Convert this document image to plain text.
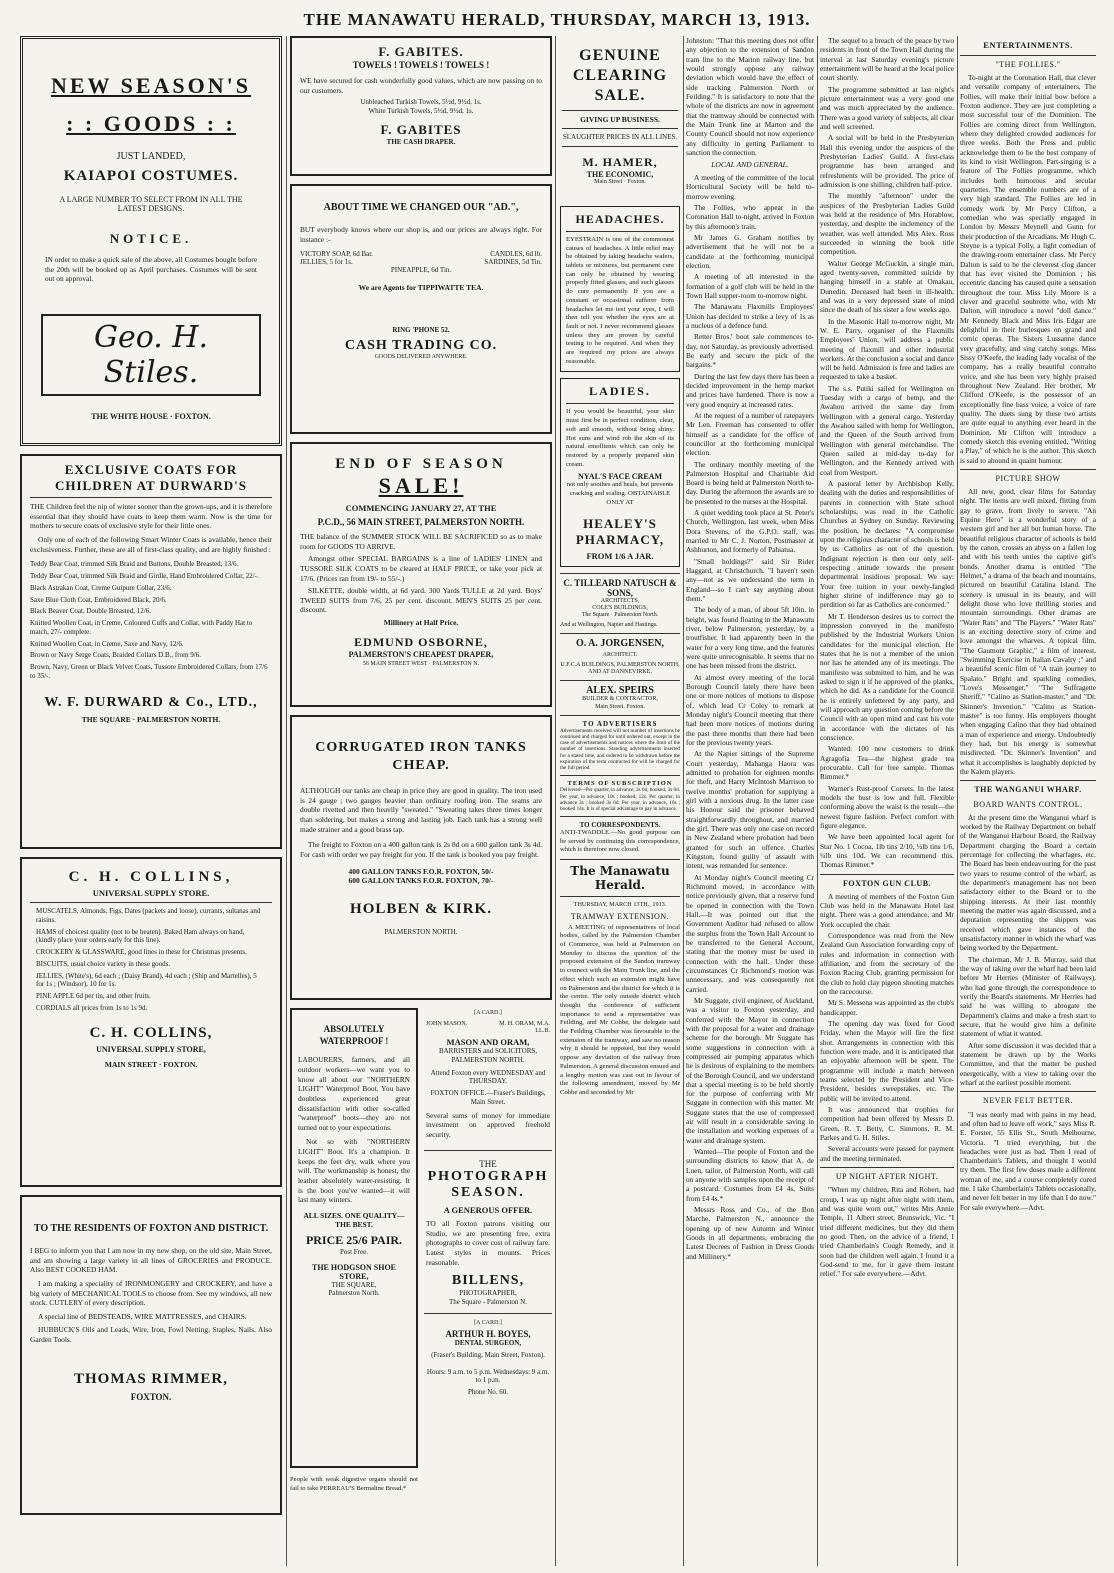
THE MANAWATU HERALD, THURSDAY, MARCH 13, 1913.
NEW SEASON'S
: : GOODS : :
JUST LANDED,
KAIAPOI COSTUMES.
A LARGE NUMBER TO SELECT FROM IN ALL THE LATEST DESIGNS.
NOTICE.
IN order to make a quick sale of the above, all Costumes bought before the 20th will be booked up as April purchases. Costumes will be sent out on approval.
Geo. H. Stiles.
THE WHITE HOUSE · FOXTON.
EXCLUSIVE COATS FOR CHILDREN AT DURWARD'S
THE Children feel the nip of winter sooner than the grown-ups, and it is therefore essential that they should have coats to keep them warm. Now is the time for mothers to secure coats of exclusive style for their little ones.
Only one of each of the following Smart Winter Coats is available, hence their exclusiveness. Further, these are all of first-class quality, and are highly finished :
Teddy Bear Coat, trimmed Silk Braid and Buttons, Double Breasted, 13/6.
Teddy Bear Coat, trimmed Silk Braid and Girdle, Hand Embroidered Collar, 22/-.
Black Astrakan Coat, Creme Guipure Collar, 23/6.
Saxe Blue Cloth Coat, Embroidered Black, 20/6.
Black Beaver Coat, Double Breasted, 12/6.
Knitted Woollen Coat, in Creme, Coloured Cuffs and Collar, with Paddy Hat to match, 27/- complete.
Knitted Woollen Coat, in Creme, Saxe and Navy, 12/6.
Brown or Navy Serge Coats, Braided Collars D.B., from 9/6.
Brown, Navy, Green or Black Velvet Coats, Tussore Embroidered Collars, from 17/6 to 35/-.
W. F. DURWARD & Co., LTD.,
THE SQUARE · PALMERSTON NORTH.
C. H. COLLINS,
UNIVERSAL SUPPLY STORE.
MUSCATELS, Almonds, Figs, Dates (packets and loose), currants, sultanas and raisins.
HAMS of choicest quality (not to be beaten). Baked Ham always on hand, (kindly place your orders early for this line).
CROCKERY & GLASSWARE, good lines in these for Christmas presents.
BISCUITS, usual choice variety in these goods.
JELLIES, (White's), 6d each ; (Daisy Brand), 4d each ; (Ship and Martelles), 5 for 1s ; (Windsor), 10 for 1s.
PINE APPLE 6d per tin, and other fruits.
CORDIALS all prices from 1s to 1s 9d.
C. H. COLLINS,
UNIVERSAL SUPPLY STORE,
MAIN STREET · FOXTON.
TO THE RESIDENTS OF FOXTON AND DISTRICT.
I BEG to inform you that I am now in my new shop, on the old site, Main Street, and am showing a large variety in all lines of GROCERIES and PRODUCE. Also BEST COOKED HAM.
I am making a speciality of IRONMONGERY and CROCKERY, and have a big variety of MECHANICAL TOOLS to choose from. See my windows, all new stock. CUTLERY of every description.
A special line of BEDSTEADS, WIRE MATTRESSES, and CHAIRS.
HUBBUCK'S Oils and Leads, Wire, Iron, Fowl Netting, Staples, Nails. Also Garden Tools.
THOMAS RIMMER,
FOXTON.
F. GABITES.
TOWELS ! TOWELS ! TOWELS !
WE have secured for cash wonderfully good values, which are now passing on to our customers.
Unbleached Turkish Towels, 5½d, 9½d, 1s.
White Turkish Towels, 5½d, 9½d, 1s.
F. GABITES
THE CASH DRAPER.
ABOUT TIME WE CHANGED OUR "AD.",
BUT everybody knows where our shop is, and our prices are always right. For instance :-
VICTORY SOAP, 6d Bar.
JELLIES, 5 for 1s.
CANDLES, 6d lb.
SARDINES, 5d Tin.
PINEAPPLE, 6d Tin.
We are Agents for TIPPIWATTE TEA.
RING 'PHONE 52.
CASH TRADING CO.
GOODS DELIVERED ANYWHERE.
END OF SEASON
SALE!
COMMENCING JANUARY 27, AT THE
P.C.D., 56 MAIN STREET, PALMERSTON NORTH.
THE balance of the SUMMER STOCK WILL BE SACRIFICED so as to make room for GOODS TO ARRIVE.
Amongst other SPECIAL BARGAINS is a line of LADIES' LINEN and TUSSORE SILK COATS to be cleared at HALF PRICE, or take your pick at 17/6. (Prices ran from 19/- to 55/-.)
SILKETTE, double width, at 6d yard. 300 Yards TULLE at 2d yard. Boys' TWEED SUITS from 7/6, 25 per cent. discount. MEN'S SUITS 25 per cent. discount.
Millinery at Half Price.
EDMUND OSBORNE,
PALMERSTON'S CHEAPEST DRAPER,
56 MAIN STREET WEST · PALMERSTON N.
CORRUGATED IRON TANKS CHEAP.
ALTHOUGH our tanks are cheap in price they are good in quality. The iron used is 24 gauge ; two gauges heavier than ordinary roofing iron. The seams are double rivetted and then heavily "sweated." "Sweating takes three times longer than soldering, but makes a strong and lasting job. Each tank has a strong well made strainer and a good brass tap.
The freight to Foxton on a 400 gallon tank is 2s 8d on a 600 gallon tank 3s 4d. For cash with order we pay freight for you. If the tank is booked you pay freight.
400 GALLON TANKS F.O.R. FOXTON, 50/-
600 GALLON TANKS F.O.R. FOXTON, 70/-
HOLBEN & KIRK.
PALMERSTON NORTH.
ABSOLUTELY WATERPROOF !
LABOURERS, farmers, and all outdoor workers—we want you to know all about our "NORTHERN LIGHT" Waterproof Boot. You have doubtless experienced great dissatisfaction with other so-called "waterproof" boots—they are not turned out to your expectations.
Not so with "NORTHERN LIGHT" Boot. It's a champion. It keeps the feet dry, walk where you will. The workmanship is honest, the leather absolutely water-resisting. It is the boot you've wanted—it will last many winters.
ALL SIZES. ONE QUALITY—THE BEST.
PRICE 25/6 PAIR.
Post Free.
THE HODGSON SHOE STORE,
THE SQUARE,
Palmerston North.
People with weak digestive organs should not fail to take PERREAU'S Bermaline Bread.*
[A CARD.]
JOHN MASON.	M. H. ORAM, M.A. LL.B.
MASON AND ORAM,
BARRISTERS and SOLICITORS, PALMERSTON NORTH.
Attend Foxton every WEDNESDAY and THURSDAY.
FOXTON OFFICE.—Fraser's Buildings, Main Street.
Several sums of money for immediate investment on approved freehold security.
THE
PHOTOGRAPH SEASON.
A GENEROUS OFFER.
TO all Foxton patrons visiting our Studio, we are presenting free, extra photographs to cover cost of railway fare. Latest styles in mounts. Prices reasonable.
BILLENS,
PHOTOGRAPHER,
The Square - Palmerston N.
[A CARD.]
ARTHUR H. BOYES,
DENTAL SURGEON,
(Fraser's Building, Main Street, Foxton).
Hours: 9 a.m. to 5 p.m. Wednesdays: 9 a.m. to 1 p.m.
Phone No. 60.
GENUINE CLEARING SALE.
GIVING UP BUSINESS.
SLAUGHTER PRICES IN ALL LINES.
M. HAMER,
THE ECONOMIC,
Main Street · Foxton.
HEADACHES.
EYESTRAIN is one of the commonest causes of headaches. A little relief may be obtained by taking headache wafers, tablets or mixtures, but permanent cure can only be obtained by wearing properly fitted glasses, and such glasses do cure permanently. If you are a constant or occasional sufferer from headaches let me test your eyes, I will then tell you whether the eyes are at fault or not. I never recommend glasses unless they are proven by careful testing to be required. And when they are required my prices are always reasonable.
LADIES.
If you would be beautiful, your skin must first be in perfect condition, clear, soft and smooth, without being shiny. Hot suns and wind rob the skin of its natural emollients which can only be restored by a properly prepared skin cream.
NYAL'S FACE CREAM
not only soothes and heals, but prevents cracking and scaling. OBTAINABLE ONLY AT
HEALEY'S PHARMACY,
FROM 1/6 A JAR.
C. TILLEARD NATUSCH & SONS,
ARCHITECTS,
COLE'S BUILDINGS,
The Square · Palmerston North.
And at Wellington, Napier and Hastings.
O. A. JORGENSEN,
ARCHITECT.
U.F.C.A BUILDINGS, PALMERSTON NORTH,
AND AT DANNEVIRKE.
ALEX. SPEIRS
BUILDER & CONTRACTOR,
Main Street. Foxton.
TO ADVERTISERS
Advertisements received will not number of insertions be continued and charged for until ordered out, except in the case of advertisements and notices where the limit of the number of insertions. Standing advertisements inserted for a stated time, and ordered to be withdrawn before the expiration of the term contracted for will be charged for the full period.
TERMS OF SUBSCRIPTION
Delivered—Per quarter, in advance, 2s 6d, booked, 3s 0d. Per year, in advance, 10s ; booked, 12s. Per quarter, in advance 3s ; booked 3s 6d. Per year, in advance, 10s ; booked 14s. It is of special advantage to pay in advance.
TO CORRESPONDENTS.
ANTI-TWADDLE.—No good purpose can be served by continuing this correspondence, which is therefore now closed.
The Manawatu Herald.
THURSDAY, MARCH 13TH., 1913.
TRAMWAY EXTENSION.
A MEETING of representatives of local bodies, called by the Palmerston Chamber of Commerce, was held at Palmerston on Monday to discuss the question of the proposed extension of the Sandon tramway to connect with the Main Trunk line, and the effect which such an extension might have on Palmerston and the district for which it is the centre. The only outside district which thought the conference of sufficient importance to send a representative was Feilding, and Mr Cobbe, the delegate said the Feilding Chamber was favourable to the extension of the tramway, and saw no reason why it should be opposed, but they would oppose any deviation of the railway from Palmerston. A general discussion ensued and a lengthy motion was cast out in favour of the following amendment, moved by Mr Cobbe and seconded by Mr
Johnston: "That this meeting does not offer any objection to the extension of Sandon tram line to the Marton railway line, but would strongly oppose any railway deviation which would have the effect of side tracking Palmerston North or Feilding." It is satisfactory to note that the whole of the districts are now in agreement that the tramway should be connected with the Main Trunk line at Marton and the County Council should not now experience any difficulty in getting Parliament to sanction the connection.
LOCAL AND GENERAL.
A meeting of the committee of the local Horticultural Society will be held to-morrow evening.
The Follies, who appear in the Coronation Hall to-night, arrived in Foxton by this afternoon's train.
Mr James G. Graham notifies by advertisement that he will not be a candidate at the forthcoming municipal election.
A meeting of all interested in the formation of a golf club will be held in the Town Hall supper-room to-morrow night.
The Manawatu Flaxmills Employees' Union has decided to strike a levy of 1s as a nucleus of a defence fund.
Retter Bros.' boot sale commences to-day, not Saturday, as previously advertised. Be early and secure the pick of the bargains.*
During the last few days there has been a decided improvement in the hemp market and prices have hardened. There is now a very good enquiry at increased rates.
At the request of a number of ratepayers Mr Len. Freeman has consented to offer himself as a candidate for the office of councillor at the forthcoming municipal election.
The ordinary monthly meeting of the Palmerston Hospital and Charitable Aid Board is being held at Palmerston North to-day. During the afternoon the awards are to be presented to the nurses at the Hospital.
A quiet wedding took place at St. Peter's Church, Wellington, last week, when Miss Dora Stevens, of the G.P.O. staff, was married to Mr C. J. Norton, Postmaster at Ashhurton, and formerly of Pahiatua.
"Small holdings?" said Sir Rider Haggard, at Christchurch. "I haven't seen any—not as we understand the term in England—so I can't say anything about them."
The body of a man, of about 5ft 10in. in height, was found floating in the Manawatu river, below Palmerston, yesterday, by a troutfisher. It had apparently been in the water for a very long time, and the features were quite unrecognisable. It seems that no one has been missed from the district.
At almost every meeting of the local Borough Council lately there have been one or more notices of motions to dispose of, which lead Cr Coley to remark at Monday night's Council meeting that there had been more notices of motions during the past three months than there had been for the previous twenty years.
At the Napier sittings of the Supreme Court yesterday, Mahanga Haora was admitted to probation for eighteen months for theft, and Harry McIntosh Marrison to twelve months' probation for supplying a girl with a noxious drug. In the latter case his Honour said the prisoner behaved straightforwardly throughout, and married the girl. There was only one case on record in New Zealand where probation had been granted for such an offence. Charles Kingston, found guilty of assault with intent, was remanded for sentence.
At Monday night's Council meeting Cr Richmond moved, in accordance with notice previously given, that a reserve fund be opened in connection with the Town Hall.—It was pointed out that the Government Auditor had refused to allow the surplus from the Town Hall Account to be transferred to the General Account, stating that the money must be used in connection with the hall. Under these circumstances Cr Richmond's motion was unnecessary, and was consequently not carried.
Mr Suggate, civil engineer, of Auckland, was a visitor to Foxton yesterday, and conferred with the Mayor in connection with the proposal for a water and drainage scheme for the borough. Mr Suggate has some suggestions in connection with a compressed air pumping apparatus which he is desirous of explaining to the members of the Borough Council, and we understand that a special meeting is to be held shortly for the purpose of conferring with Mr Suggate in connection with this matter. Mr Suggate states that the use of compressed air will result in a considerable saving in the installation and working expenses of a water and drainage system.
Wanted—The people of Foxton and the surrounding districts to know that A. de Luen, tailor, of Palmerston North, will call on anyone with samples upon the receipt of a postcard. Costumes from £4 4s, Suits from £4 4s.*
Messrs Ross and Co., of the Bon Marche, Palmerston N., announce the opening up of new Autumn and Winter Goods in all departments, embracing the Latest Decrees of Fashion in Dress Goods and Millinery.*
The sequel to a breach of the peace by two residents in front of the Town Hall during the interval at last Saturday evening's picture entertainment will be heard at the local police court shortly.
The programme submitted at last night's picture entertainment was a very good one and was much appreciated by the audience. There was a good variety of subjects, all clear and well screened.
A social will be held in the Presbyterian Hall this evening under the auspices of the Presbyterian Ladies' Guild. A first-class programme has been arranged and refreshments will be provided. The price of admission is one shilling, children half-price.
The monthly "afternoon" under the auspices of the Presbyterian Ladies Guild was held at the residence of Mrs Horablow, yesterday, and despite the inclemency of the weather, was well attended. Mrs Alex. Ross succeeded in winning the book title competition.
Walter George McGuckin, a single man, aged twenty-seven, committed suicide by hanging himself in a stable at Omakau, Dunedin. Deceased had been in ill-health, and was in a very depressed state of mind since the death of his sister a few weeks ago.
In the Masonic Hall to-morrow night, Mr W. E. Parry, organiser of the Flaxmills Employees' Union, will address a public meeting of flaxmill and other industrial workers. At the conclusion a social and dance will be held. Admission is free and ladies are requested to take a basket.
The s.s. Putiki sailed for Wellington on Tuesday with a cargo of hemp, and the Awahou arrived the same day from Wellington with a general cargo. Yesterday the Awahou sailed with hemp for Wellington, and the Queen of the South arrived from Wellington with general merchandise. The Queen sailed at mid-day to-day for Wellington, and the Kennedy arrived with coal from Westport.
A pastoral letter by Archbishop Kelly, dealing with the duties and responsibilities of parents in connection with State school scholarships, was read in the Catholic Churches at Sydney on Sunday. Reviewing the position, he declares: "A compromise upon the religious character of schools is held by us Catholics as out of the question. Indignant rejection is then our only self-respecting attitude towards the present departmental insidious proposal. We say: Your free tuition in your newly-fangled higher shrine of indifference may go to perdition so far as Catholics are concerned."
Mr T. Henderson desires us to correct the impression conveyed in the manifesto published by the Industrial Workers Union candidates for the municipal election. He states that he is not a member of the union nor has he attended any of its meetings. The manifesto was submitted to him, and he was asked to sign it if he approved of the planks, which he did. As a candidate for the Council he is entirely unfettered by any party, and will approach any question coming before the Council with an open mind and cast his vote in accordance with the dictates of his conscience.
Wanted: 100 new customers to drink Agragofia Tea—the highest grade tea procurable. Call for free sample. Thomas Rimmer.*
Warner's Rust-proof Corsets. In the latest models the bust is low and full. Flexible conforming above the waist is the result—the newest figure fashion. Perfect comfort with figure elegance.
We have been appointed local agent for Star No. 1 Cocoa, 1lb tins 2/10, ½lb tins 1/6, ¼lb tins 10d. We can recommend this. Thomas Rimmer.*
FOXTON GUN CLUB.
A meeting of members of the Foxton Gun Club was held in the Manawatu Hotel last night. There was a good attendance, and Mr York occupied the chair.
Correspondence was read from the New Zealand Gun Association forwarding copy of rules and information in connection with affiliation, and from the secretary of the Foxton Racing Club, granting permission for the club to hold clay pigeon shooting matches on the racecourse.
Mr S. Messena was appointed as the club's handicapper.
The opening day was fixed for Good Friday, when the Mayor will fire the first shot. Arrangements in connection with this function were made, and it is anticipated that an enjoyable afternoon will be spent. The programme will include a match between teams selected by the President and Vice-President, besides sweepstakes, etc. The public will be invited to attend.
It was announced that trophies for competition had been offered by Messrs D. Green, R. T. Betty, C. Simmons, R. M. Parkes and G. H. Stiles.
Several accounts were passed for payment and the meeting terminated.
UP NIGHT AFTER NIGHT.
"When my children, Rita and Robert, had croup, I was up night after night with them, and was quite worn out," writes Mrs Annie Temple, 11 Albert street, Brunswick, Vic. "I tried different medicines, but they did them no good. Then, on the advice of a friend, I tried Chamberlain's Cough Remedy, and it soon had the children well again. I found it a God-send to me, for it gave them instant relief." For sale everywhere.—Advt.
ENTERTAINMENTS.
"THE FOLLIES."
To-night at the Coronation Hall, that clever and versatile company of entertainers, The Follies, will make their initial bow before a Foxton audience. They are just completing a most successful tour of the Dominion. The Follies are coming direct from Wellington, where they delighted crowded audiences for three weeks. Both the Press and public acknowledge them to be the best company of its kind to visit Wellington. Part-singing is a feature of The Follies programme, which includes both humorous and secular quartettes. The ensemble numbers are of a very high standard. The Follies are led in comedy work by Mr Percy Clifton, a comedian who was specially engaged in London by Messrs Meynell and Gunn for their production of the Arcadians. Mr Hugh C. Steyne is a typical Folly, a light comedian of the drawing-room entertainer class. Mr Percy Dalton is said to be the cleverest clog dancer that has ever visited the Dominion ; his eccentric dancing has caused quite a sensation throughout the tour. Miss Lily Moore is a clever and graceful soubrette who, with Mr Dalton, will introduce a novel "doll dance." Mr Kennedy Black and Miss Iris Edgar are delightful in their burlesques on grand and comic operas. The Sisters Lussanne dance very gracefully, and sing catchy songs. Miss Sissy O'Keefe, the leading lady vocalist of the company, has a really beautiful contralto voice, and she has been very highly praised throughout New Zealand. Her brother, Mr Clifford O'Keefe, is the possessor of an exceptionally fine bass voice, a voice of rare quality. The duets sung by these two artists are quite equal to anything ever heard in the Dominion. Mr Clifton will introduce a comedy sketch this evening entitled, "Writing a Play," of which he is the author. This sketch is said to abound in quaint humour.
PICTURE SHOW
All new, good, clear films for Saturday night. The items are well mixed, flitting from gay to grave, from lively to severe. "An Equine Hero" is a wonderful story of a western girl and her all but human horse. The beautiful religious character of schools is held by the canon, crosses an abyss on a fallen log and with his teeth unties the captive girl's bonds. Another drama is entitled "The Helmet," a drama of the beach and mountains, pictured on beautiful Catalina Island. The scenery is unusual in its beauty, and will delight those who love thrilling stories and mountain surroundings. Other dramas are "Water Rats" and "The Players." "Water Rats" is an exciting detective story of crime and love amongst the wharves. A topical film, "The Gaumont Graphic," a film of interest, "Swimming Exercise in Italian Cavalry ;" and a beautiful scenic film of "A train journey to Spalato." Bright and sparkling comedies, "Love's Messenger," "The Suffragette Sheriff," "Calino as Station-master," and "Dr. Skinner's Invention." "Calino as Station-master" is too funny. His employers thought when engaging Calino that they had obtained a man of experience and energy. Undoubtedly they had, but his energy is somewhat misdirected. "Dr. Skinner's Invention" and what it accomplishes is laughably depicted by the Kalem players.
THE WANGANUI WHARF.
BOARD WANTS CONTROL.
At the present time the Wanganui wharf is worked by the Railway Department on behalf of the Wanganui Harbour Board, the Railway Department charging the Board a certain percentage for collecting the wharfages, etc. The Board has been endeavouring for the past two years to resume control of the wharf, as the department's management has not been satisfactory either to the Board or to the shipping interests. At their last monthly meeting the matter was again discussed, and a deputation representing the shippers was received which gave instances of the unsatisfactory manner in which the wharf was being worked by the Department.
The chairman, Mr J. B. Murray, said that the way of taking over the wharf had been laid before Mr Herries (Minister of Railways), who had gone through the correspondence to verify the Board's statements. Mr Herries had said he was willing to abrogate the Department's claims and make a fresh start to secure, that he would give him a definite statement of what it wanted.
After some discussion it was decided that a statement be drawn up by the Works Committee, and that the matter be pushed energetically, with a view to taking over the wharf at the earliest possible moment.
NEVER FELT BETTER.
"I was nearly mad with pains in my head, and often had to leave off work," says Miss R. E. Forster, 55 Ellis St., South Melbourne, Victoria. "I tried everything, but the headaches were just as bad. Then I read of Chamberlain's Tablets, and thought I would try them. The first few doses made a different woman of me, and a course completely cured me. I take Chamberlain's Tablets occasionally, and never felt better in my life than I do now." For sale everywhere.—Advt.
